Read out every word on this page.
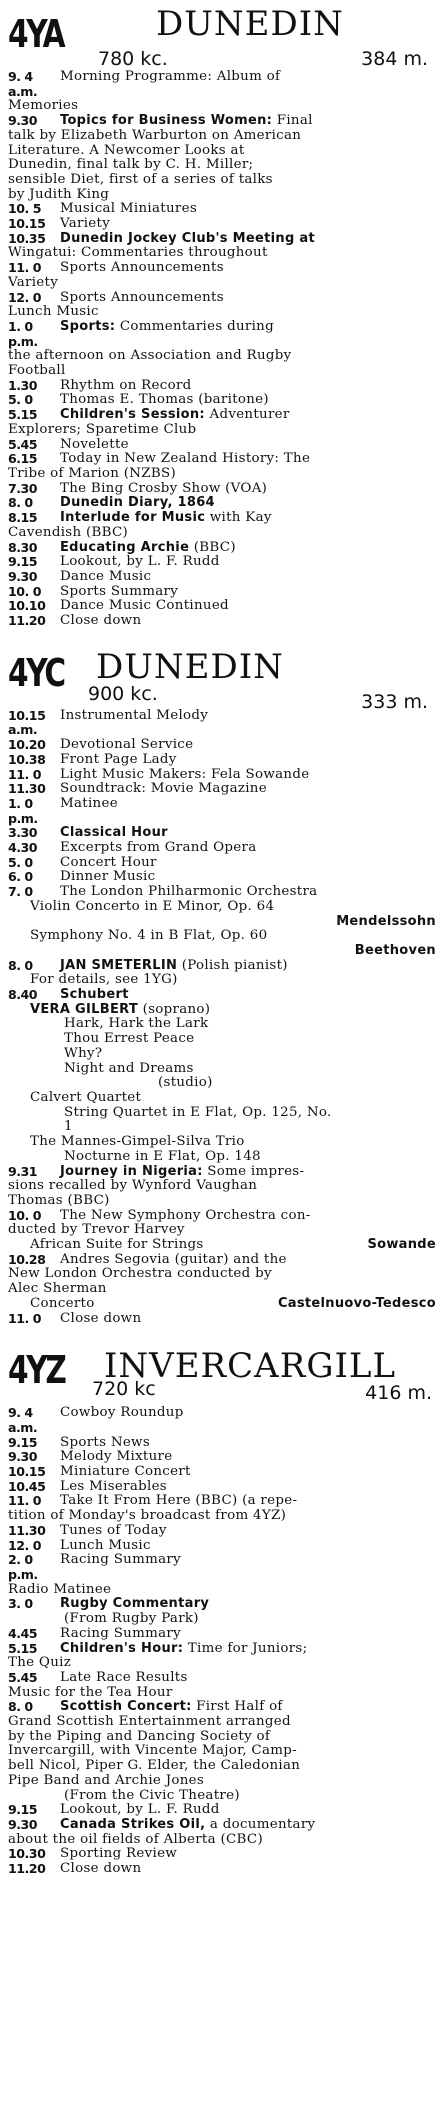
4YA	DUNEDIN
780 kc.	384 m.
9. 4 a.m.
Morning Programme: Album of
Memories
9.30	Topics for Business Women: Final
talk by Elizabeth Warburton on American
Literature. A Newcomer Looks at
Dunedin, final talk by C. H. Miller;
sensible Diet, first of a series of talks
by Judith King
10. 5	Musical Miniatures
10.15	Variety
10.35	Dunedin Jockey Club's Meeting at
Wingatui: Commentaries throughout
11. 0	Sports Announcements
Variety
12. 0	Sports Announcements
Lunch Music
1. 0 p.m.
Sports: Commentaries during
the afternoon on Association and Rugby
Football
1.30	Rhythm on Record
5. 0	Thomas E. Thomas (baritone)
5.15	Children's Session: Adventurer
Explorers; Sparetime Club
5.45	Novelette
6.15	Today in New Zealand History: The
Tribe of Marion (NZBS)
7.30	The Bing Crosby Show (VOA)
8. 0	Dunedin Diary, 1864
8.15	Interlude for Music with Kay
Cavendish (BBC)
8.30	Educating Archie (BBC)
9.15	Lookout, by L. F. Rudd
9.30	Dance Music
10. 0	Sports Summary
10.10	Dance Music Continued
11.20	Close down
4YC DUNEDIN
900 kc.	333 m.
10.15 a.m.
Instrumental Melody
10.20	Devotional Service
10.38	Front Page Lady
11. 0	Light Music Makers: Fela Sowande
11.30	Soundtrack: Movie Magazine
1. 0 p.m.
Matinee
3.30	Classical Hour
4.30	Excerpts from Grand Opera
5. 0	Concert Hour
6. 0	Dinner Music
7. 0	The London Philharmonic Orchestra
Violin Concerto in E Minor, Op. 64
Mendelssohn
Symphony No. 4 in B Flat, Op. 60
Beethoven
8. 0	JAN SMETERLIN (Polish pianist)
For details, see 1YG)
8.40	Schubert
VERA GILBERT (soprano)
Hark, Hark the Lark
Thou Errest Peace
Why?
Night and Dreams
(studio)
Calvert Quartet
String Quartet in E Flat, Op. 125, No.
1
The Mannes-Gimpel-Silva Trio
Nocturne in E Flat, Op. 148
9.31	Journey in Nigeria: Some impres-
sions recalled by Wynford Vaughan
Thomas (BBC)
10. 0	The New Symphony Orchestra con-
ducted by Trevor Harvey
African Suite for Strings	Sowande
10.28	Andres Segovia (guitar) and the
New London Orchestra conducted by
Alec Sherman
Concerto	Castelnuovo-Tedesco
11. 0	Close down
4YZ INVERCARGILL
720 kc	416 m.
9. 4 a.m.
Cowboy Roundup
9.15	Sports News
9.30	Melody Mixture
10.15	Miniature Concert
10.45	Les Miserables
11. 0	Take It From Here (BBC) (a repe-
tition of Monday's broadcast from 4YZ)
11.30	Tunes of Today
12. 0	Lunch Music
2. 0 p.m.
Racing Summary
Radio Matinee
3. 0	Rugby Commentary
(From Rugby Park)
4.45	Racing Summary
5.15	Children's Hour: Time for Juniors;
The Quiz
5.45	Late Race Results
Music for the Tea Hour
8. 0	Scottish Concert: First Half of
Grand Scottish Entertainment arranged
by the Piping and Dancing Society of
Invercargill, with Vincente Major, Camp-
bell Nicol, Piper G. Elder, the Caledonian
Pipe Band and Archie Jones
(From the Civic Theatre)
9.15	Lookout, by L. F. Rudd
9.30	Canada Strikes Oil, a documentary
about the oil fields of Alberta (CBC)
10.30	Sporting Review
11.20	Close down
